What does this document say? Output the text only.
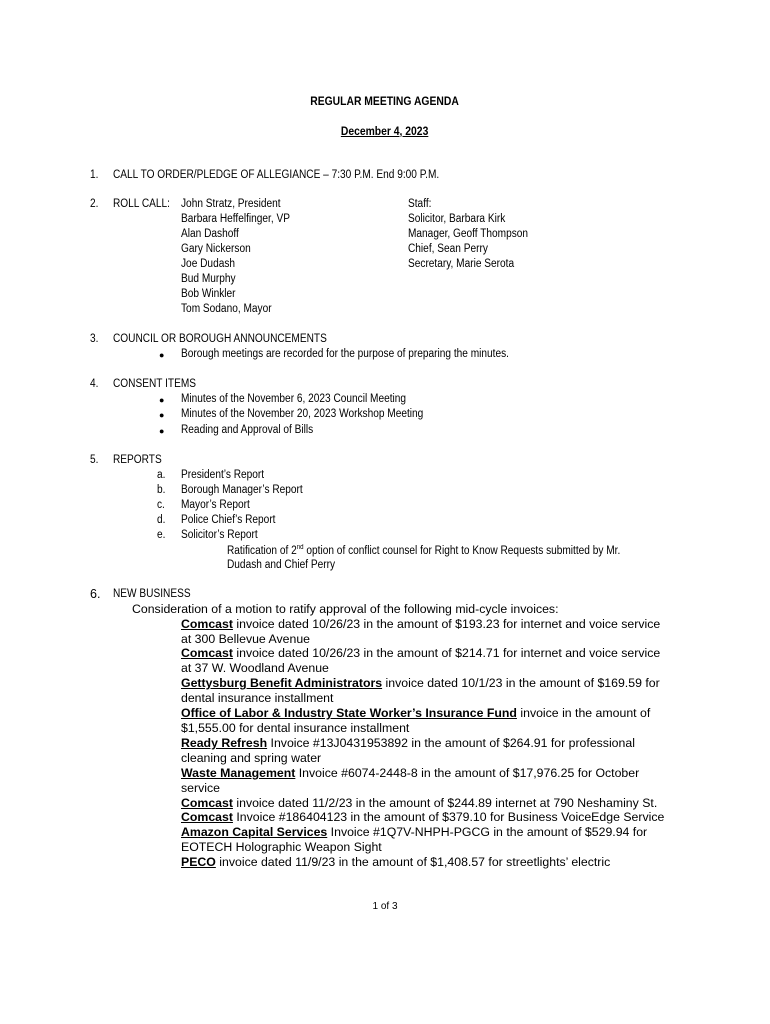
REGULAR MEETING AGENDA
December 4, 2023
1. CALL TO ORDER/PLEDGE OF ALLEGIANCE – 7:30 P.M. End 9:00 P.M.
2. ROLL CALL: John Stratz, President
Barbara Heffelfinger, VP
Alan Dashoff
Gary Nickerson
Joe Dudash
Bud Murphy
Bob Winkler
Tom Sodano, Mayor
Staff:
Solicitor, Barbara Kirk
Manager, Geoff Thompson
Chief, Sean Perry
Secretary, Marie Serota
3. COUNCIL OR BOROUGH ANNOUNCEMENTS
● Borough meetings are recorded for the purpose of preparing the minutes.
4. CONSENT ITEMS
● Minutes of the November 6, 2023 Council Meeting
● Minutes of the November 20, 2023 Workshop Meeting
● Reading and Approval of Bills
5. REPORTS
a. President’s Report
b. Borough Manager’s Report
c. Mayor’s Report
d. Police Chief’s Report
e. Solicitor’s Report
Ratification of 2nd option of conflict counsel for Right to Know Requests submitted by Mr.
Dudash and Chief Perry
6. NEW BUSINESS
Consideration of a motion to ratify approval of the following mid-cycle invoices:
Comcast invoice dated 10/26/23 in the amount of $193.23 for internet and voice service
at 300 Bellevue Avenue
Comcast invoice dated 10/26/23 in the amount of $214.71 for internet and voice service
at 37 W. Woodland Avenue
Gettysburg Benefit Administrators invoice dated 10/1/23 in the amount of $169.59 for
dental insurance installment
Office of Labor & Industry State Worker’s Insurance Fund invoice in the amount of
$1,555.00 for dental insurance installment
Ready Refresh Invoice #13J0431953892 in the amount of $264.91 for professional
cleaning and spring water
Waste Management Invoice #6074-2448-8 in the amount of $17,976.25 for October
service
Comcast invoice dated 11/2/23 in the amount of $244.89 internet at 790 Neshaminy St.
Comcast Invoice #186404123 in the amount of $379.10 for Business VoiceEdge Service
Amazon Capital Services Invoice #1Q7V-NHPH-PGCG in the amount of $529.94 for
EOTECH Holographic Weapon Sight
PECO invoice dated 11/9/23 in the amount of $1,408.57 for streetlights’ electric
1 of 3
